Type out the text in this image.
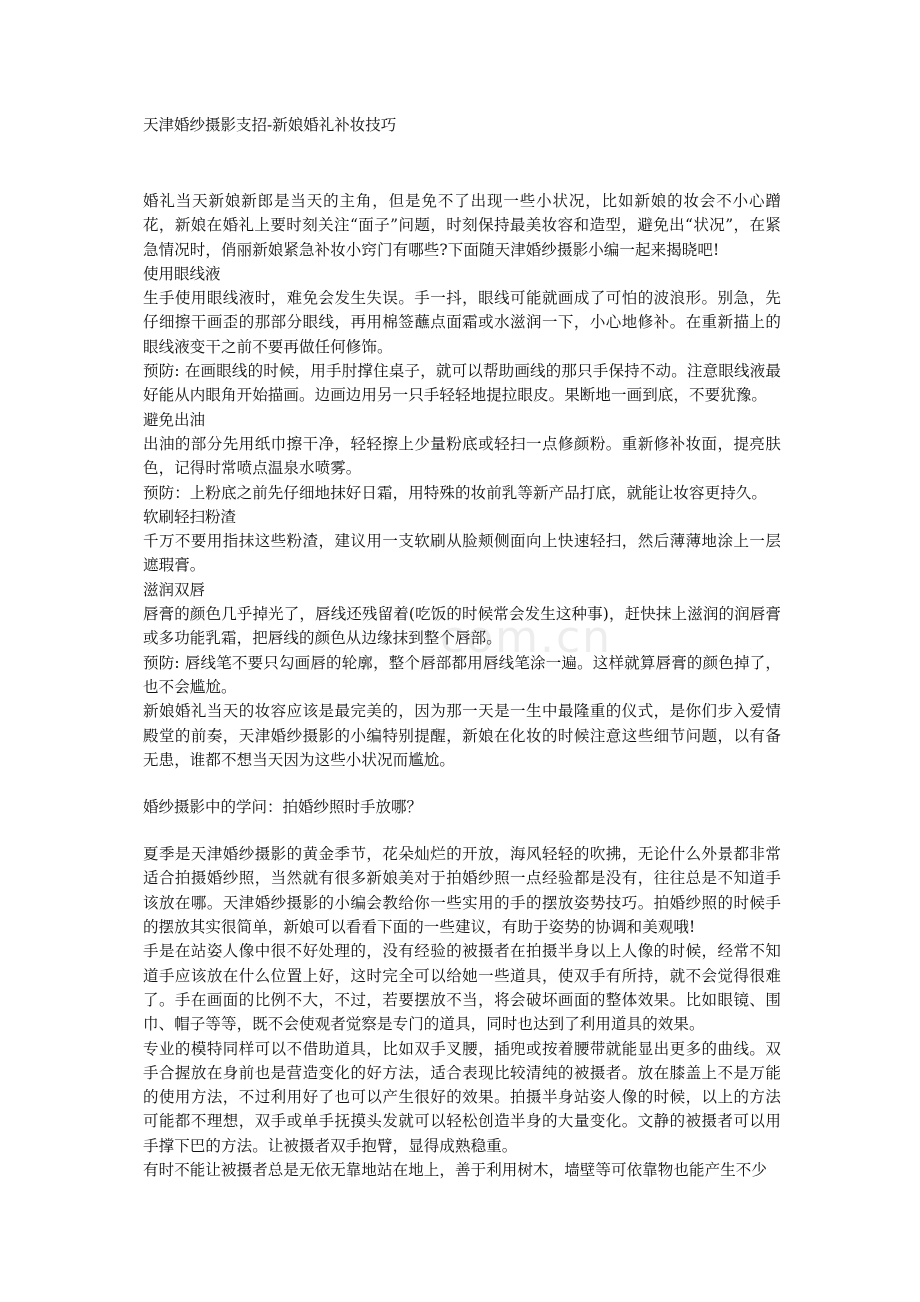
com.cn

天津婚纱摄影支招-新娘婚礼补妆技巧

婚礼当天新娘新郎是当天的主角，但是免不了出现一些小状况，比如新娘的妆会不小心蹭花，新娘在婚礼上要时刻关注“面子”问题，时刻保持最美妆容和造型，避免出“状况”，在紧急情况时，俏丽新娘紧急补妆小窍门有哪些?下面随天津婚纱摄影小编一起来揭晓吧!

使用眼线液

生手使用眼线液时，难免会发生失误。手一抖，眼线可能就画成了可怕的波浪形。别急，先仔细擦干画歪的那部分眼线，再用棉签蘸点面霜或水滋润一下，小心地修补。在重新描上的眼线液变干之前不要再做任何修饰。

预防: 在画眼线的时候，用手肘撑住桌子，就可以帮助画线的那只手保持不动。注意眼线液最好能从内眼角开始描画。边画边用另一只手轻轻地提拉眼皮。果断地一画到底，不要犹豫。

避免出油

出油的部分先用纸巾擦干净，轻轻擦上少量粉底或轻扫一点修颜粉。重新修补妆面，提亮肤色，记得时常喷点温泉水喷雾。

预防：上粉底之前先仔细地抹好日霜，用特殊的妆前乳等新产品打底，就能让妆容更持久。

软刷轻扫粉渣

千万不要用指抹这些粉渣，建议用一支软刷从脸颊侧面向上快速轻扫，然后薄薄地涂上一层遮瑕膏。

滋润双唇

唇膏的颜色几乎掉光了，唇线还残留着(吃饭的时候常会发生这种事)，赶快抹上滋润的润唇膏或多功能乳霜，把唇线的颜色从边缘抹到整个唇部。

预防: 唇线笔不要只勾画唇的轮廓，整个唇部都用唇线笔涂一遍。这样就算唇膏的颜色掉了，也不会尴尬。

新娘婚礼当天的妆容应该是最完美的，因为那一天是一生中最隆重的仪式，是你们步入爱情殿堂的前奏，天津婚纱摄影的小编特别提醒，新娘在化妆的时候注意这些细节问题，以有备无患，谁都不想当天因为这些小状况而尴尬。

婚纱摄影中的学问：拍婚纱照时手放哪？

夏季是天津婚纱摄影的黄金季节，花朵灿烂的开放，海风轻轻的吹拂，无论什么外景都非常适合拍摄婚纱照，当然就有很多新娘美对于拍婚纱照一点经验都是没有，往往总是不知道手该放在哪。天津婚纱摄影的小编会教给你一些实用的手的摆放姿势技巧。拍婚纱照的时候手的摆放其实很简单，新娘可以看看下面的一些建议，有助于姿势的协调和美观哦!

手是在站姿人像中很不好处理的，没有经验的被摄者在拍摄半身以上人像的时候，经常不知道手应该放在什么位置上好，这时完全可以给她一些道具，使双手有所持，就不会觉得很难了。手在画面的比例不大，不过，若要摆放不当，将会破坏画面的整体效果。比如眼镜、围巾、帽子等等，既不会使观者觉察是专门的道具，同时也达到了利用道具的效果。

专业的模特同样可以不借助道具，比如双手叉腰，插兜或按着腰带就能显出更多的曲线。双手合握放在身前也是营造变化的好方法，适合表现比较清纯的被摄者。放在膝盖上不是万能的使用方法，不过利用好了也可以产生很好的效果。拍摄半身站姿人像的时候，以上的方法可能都不理想，双手或单手抚摸头发就可以轻松创造半身的大量变化。文静的被摄者可以用手撑下巴的方法。让被摄者双手抱臂，显得成熟稳重。

有时不能让被摄者总是无依无靠地站在地上，善于利用树木，墙壁等可依靠物也能产生不少
